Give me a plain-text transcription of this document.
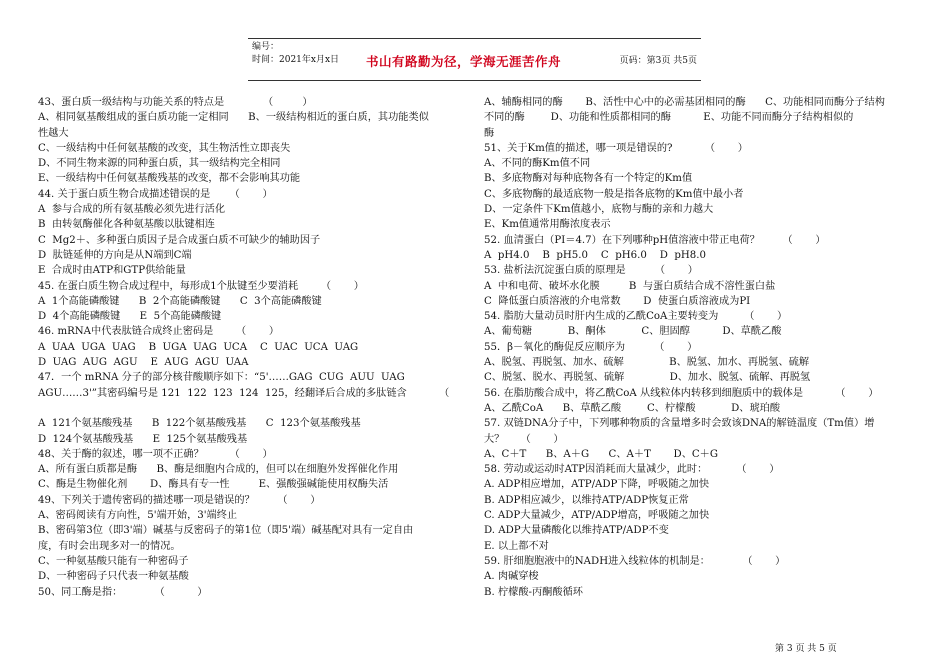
编号：
时间：2021年x月x日 书山有路勤为径，学海无涯苦作舟	页码：第3页 共5页
43、蛋白质一级结构与功能关系的特点是            （         ）
A、相同氨基酸组成的蛋白质功能一定相同      B、一级结构相近的蛋白质，其功能类似
性越大
C、一级结构中任何氨基酸的改变，其生物活性立即丧失
D、不同生物来源的同种蛋白质，其一级结构完全相同
E、一级结构中任何氨基酸残基的改变，都不会影响其功能
44. 关于蛋白质生物合成描述错误的是      （       ）
A  参与合成的所有氨基酸必须先进行活化
B  由转氨酶催化各种氨基酸以肽键相连
C  Mg2＋、多种蛋白质因子是合成蛋白质不可缺少的辅助因子
D  肽链延伸的方向是从N端到C端
E  合成时由ATP和GTP供给能量
45. 在蛋白质生物合成过程中，每形成1个肽键至少要消耗       （       ）
A  1个高能磷酸键      B  2个高能磷酸键      C  3个高能磷酸键
D  4个高能磷酸键      E  5个高能磷酸键
46. mRNA中代表肽链合成终止密码是       （       ）
A  UAA  UGA  UAG    B  UGA  UAG  UCA    C  UAC  UCA  UAG
D  UAG  AUG  AGU    E  AUG  AGU  UAA
47．一个 mRNA 分子的部分核苷酸顺序如下：“5'……GAG  CUG  AUU  UAG
AGU……3'”其密码编号是 121  122  123  124  125，经翻译后合成的多肽链含          （

A  121个氨基酸残基      B  122个氨基酸残基      C  123个氨基酸残基
D  124个氨基酸残基      E  125个氨基酸残基
48、关于酶的叙述，哪一项不正确？        （       ）
A、所有蛋白质都是酶      B、酶是细胞内合成的，但可以在细胞外发挥催化作用
C、酶是生物催化剂       D、酶具有专一性         E、强酸强碱能使用权酶失活
49、下列关于遗传密码的描述哪一项是错误的？       （       ）
A、密码阅读有方向性，5'端开始，3'端终止
B、密码第3位（即3'端）碱基与反密码子的第1位（即5'端）碱基配对具有一定自由
度，有时会出现多对一的情况。
C、一种氨基酸只能有一种密码子
D、一种密码子只代表一种氨基酸
50、同工酶是指：          （          ）
A、辅酶相同的酶       B、活性中心中的必需基团相同的酶      C、功能相同而酶分子结构
不同的酶        D、功能和性质都相同的酶          E、功能不同而酶分子结构相似的
酶
51、关于Km值的描述，哪一项是错误的?          （       ）
A、不同的酶Km值不同
B、多底物酶对每种底物各有一个特定的Km值
C、多底物酶的最适底物一般是指各底物的Km值中最小者
D、一定条件下Km值越小，底物与酶的亲和力越大
E、Km值通常用酶浓度表示
52. 血清蛋白（PI＝4.7）在下列哪种pH值溶液中带正电荷？       （       ）
A  pH4.0    B  pH5.0    C  pH6.0    D  pH8.0
53. 盐析法沉淀蛋白质的原理是         （       ）
A  中和电荷、破坏水化膜         B  与蛋白质结合成不溶性蛋白盐
C  降低蛋白质溶液的介电常数       D  使蛋白质溶液成为PI
54. 脂肪大量动员时肝内生成的乙酰CoA主要转变为        （       ）
A、葡萄糖           B、酮体           C、胆固醇          D、草酰乙酸
55．β－氧化的酶促反应顺序为         （       ）
A、脱氢、再脱氢、加水、硫解              B、脱氢、加水、再脱氢、硫解
C、脱氢、脱水、再脱氢、硫解              D、加水、脱氢、硫解、再脱氢
56. 在脂肪酸合成中，将乙酰CoA 从线粒体内转移到细胞质中的载体是          （       ）
A、乙酰CoA      B、草酰乙酸        C、柠檬酸           D、琥珀酸
57. 双链DNA分子中，下列哪种物质的含量增多时会致该DNA的解链温度（Tm值）增
大？     （       ）
A、C＋T      B、A＋G      C、A＋T       D、C＋G
58. 劳动或运动时ATP因消耗而大量减少，此时：         （       ）
A. ADP相应增加，ATP/ADP下降，呼吸随之加快
B. ADP相应减少，以维持ATP/ADP恢复正常
C. ADP大量减少，ATP/ADP增高，呼吸随之加快
D. ADP大量磷酸化以维持ATP/ADP不变
E. 以上都不对
59. 肝细胞胞液中的NADH进入线粒体的机制是：          （       ）
A. 肉碱穿梭
B. 柠檬酸-丙酮酸循环
第 3 页 共 5 页
